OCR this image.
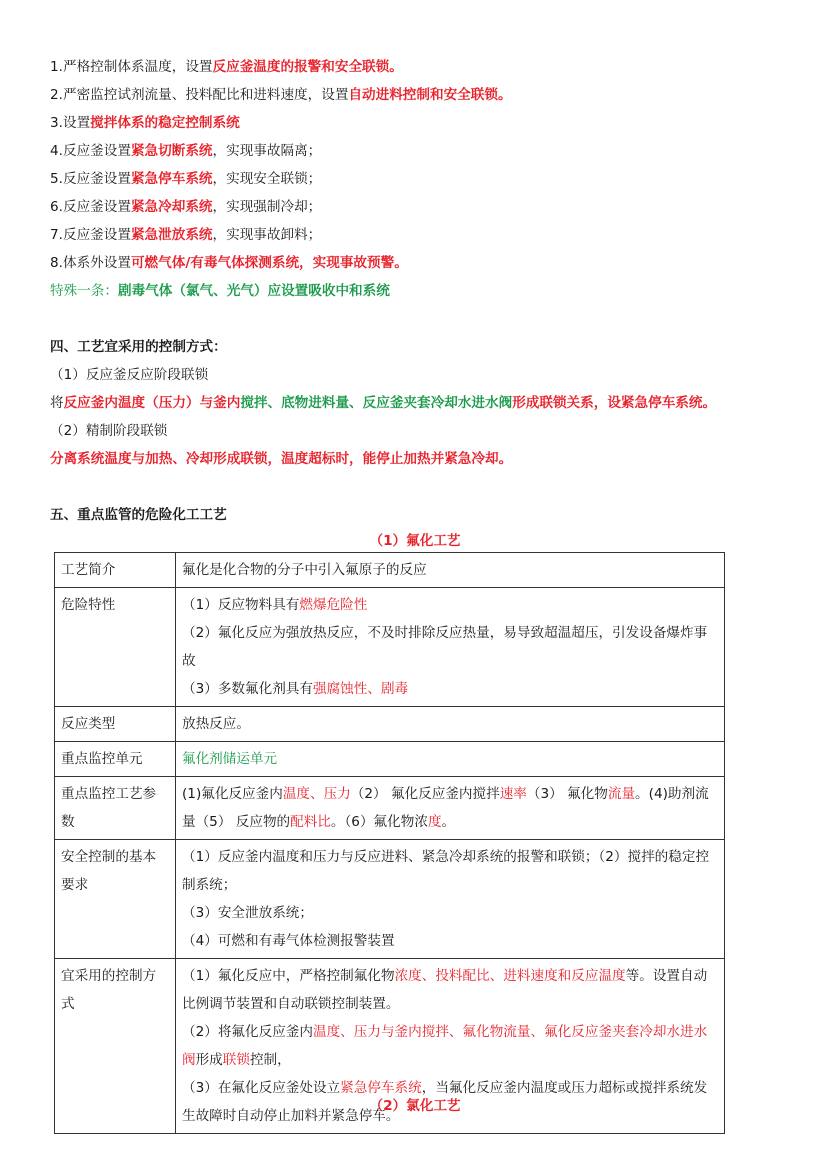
1.严格控制体系温度，设置反应釜温度的报警和安全联锁。
2.严密监控试剂流量、投料配比和进料速度，设置自动进料控制和安全联锁。
3.设置搅拌体系的稳定控制系统
4.反应釜设置紧急切断系统，实现事故隔离；
5.反应釜设置紧急停车系统，实现安全联锁；
6.反应釜设置紧急冷却系统，实现强制冷却；
7.反应釜设置紧急泄放系统，实现事故卸料；
8.体系外设置可燃气体/有毒气体探测系统，实现事故预警。
特殊一条：剧毒气体（氯气、光气）应设置吸收中和系统
四、工艺宜采用的控制方式：
（1）反应釜反应阶段联锁
将反应釜内温度（压力）与釜内搅拌、底物进料量、反应釜夹套冷却水进水阀形成联锁关系，设紧急停车系统。
（2）精制阶段联锁
分离系统温度与加热、冷却形成联锁，温度超标时，能停止加热并紧急冷却。
五、重点监管的危险化工工艺
（1）氟化工艺
工艺简介	氟化是化合物的分子中引入氟原子的反应
危险特性	（1）反应物料具有燃爆危险性
（2）氟化反应为强放热反应，不及时排除反应热量，易导致超温超压，引发设备爆炸事故
（3）多数氟化剂具有强腐蚀性、剧毒

反应类型	放热反应。
重点监控单元	氟化剂储运单元
重点监控工艺参数	(1)氟化反应釜内温度、压力（2） 氟化反应釜内搅拌速率（3） 氟化物流量。(4)助剂流量（5） 反应物的配料比。（6）氟化物浓度。
安全控制的基本要求	（1）反应釜内温度和压力与反应进料、紧急冷却系统的报警和联锁；（2）搅拌的稳定控制系统；
（3）安全泄放系统；
（4）可燃和有毒气体检测报警装置

宜采用的控制方式	（1）氟化反应中，严格控制氟化物浓度、投料配比、进料速度和反应温度等。设置自动比例调节装置和自动联锁控制装置。
（2）将氟化反应釜内温度、压力与釜内搅拌、氟化物流量、氟化反应釜夹套冷却水进水阀形成联锁控制，
（3）在氟化反应釜处设立紧急停车系统，当氟化反应釜内温度或压力超标或搅拌系统发生故障时自动停止加料并紧急停车。
（2）氯化工艺
